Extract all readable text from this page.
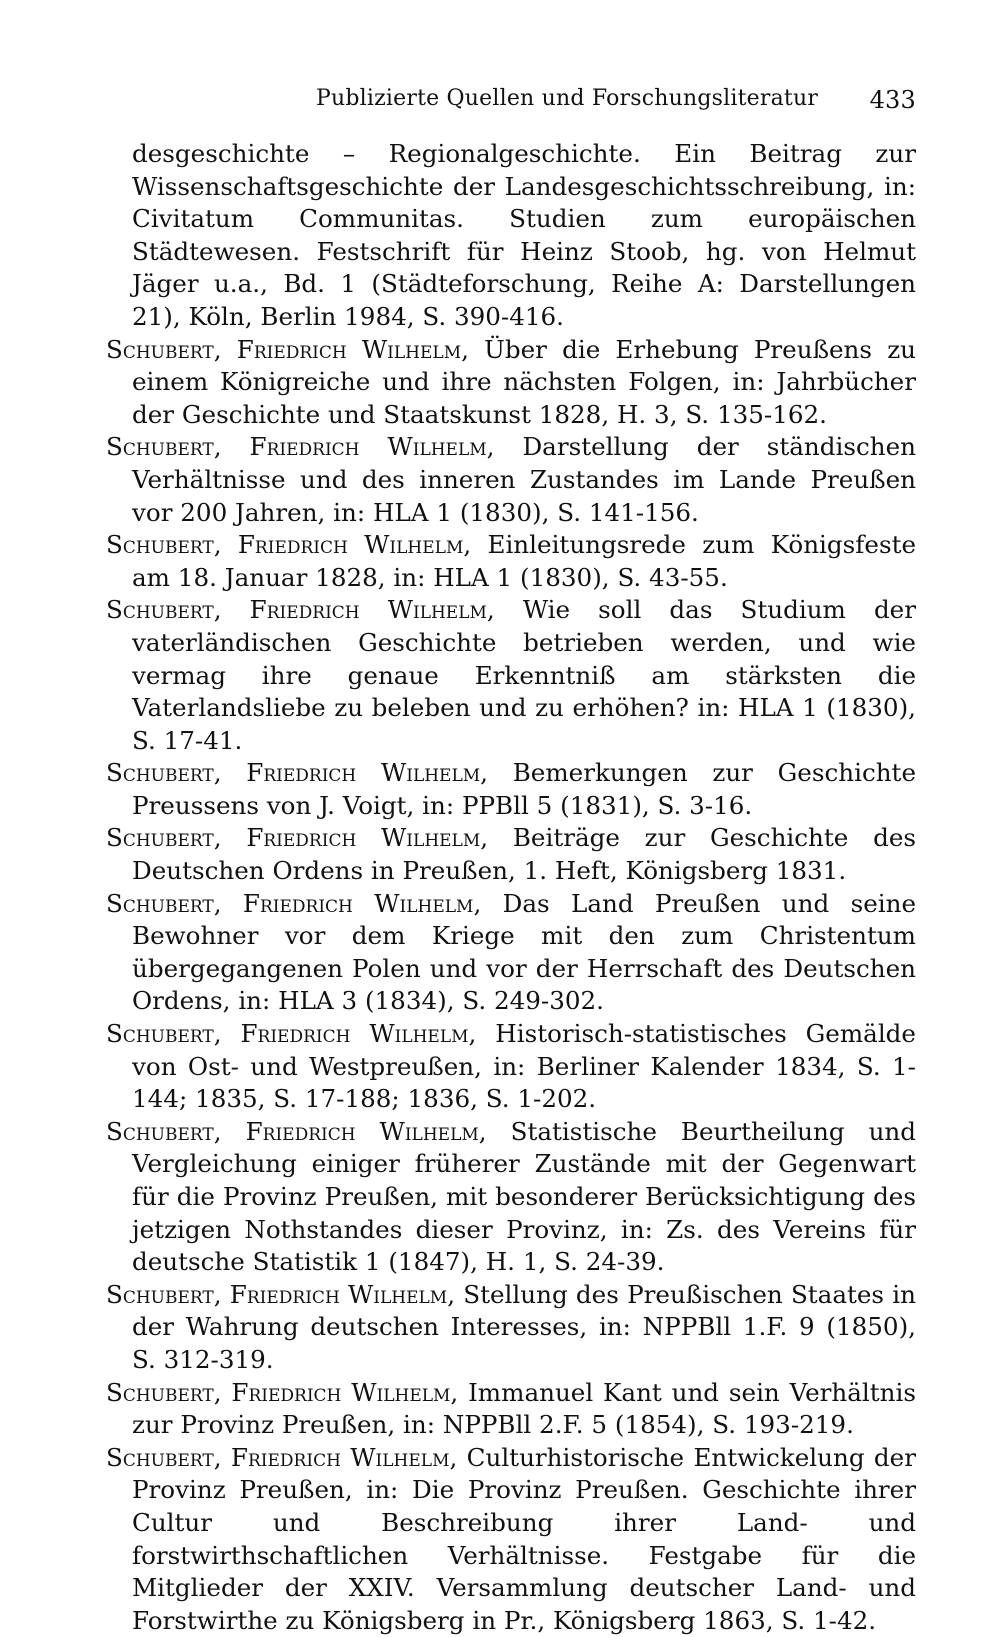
Publizierte Quellen und Forschungsliteratur 433

desgeschichte – Regionalgeschichte. Ein Beitrag zur Wissenschaftsgeschichte der Landesgeschichtsschreibung, in: Civitatum Communitas. Studien zum europäischen Städtewesen. Festschrift für Heinz Stoob, hg. von Helmut Jäger u.a., Bd. 1 (Städteforschung, Reihe A: Darstellungen 21), Köln, Berlin 1984, S. 390-416.

Schubert, Friedrich Wilhelm, Über die Erhebung Preußens zu einem Königreiche und ihre nächsten Folgen, in: Jahrbücher der Geschichte und Staatskunst 1828, H. 3, S. 135-162.

Schubert, Friedrich Wilhelm, Darstellung der ständischen Verhältnisse und des inneren Zustandes im Lande Preußen vor 200 Jahren, in: HLA 1 (1830), S. 141-156.

Schubert, Friedrich Wilhelm, Einleitungsrede zum Königsfeste am 18. Januar 1828, in: HLA 1 (1830), S. 43-55.

Schubert, Friedrich Wilhelm, Wie soll das Studium der vaterländischen Geschichte betrieben werden, und wie vermag ihre genaue Erkenntniß am stärksten die Vaterlandsliebe zu beleben und zu erhöhen? in: HLA 1 (1830), S. 17-41.

Schubert, Friedrich Wilhelm, Bemerkungen zur Geschichte Preussens von J. Voigt, in: PPBll 5 (1831), S. 3-16.

Schubert, Friedrich Wilhelm, Beiträge zur Geschichte des Deutschen Ordens in Preußen, 1. Heft, Königsberg 1831.

Schubert, Friedrich Wilhelm, Das Land Preußen und seine Bewohner vor dem Kriege mit den zum Christentum übergegangenen Polen und vor der Herrschaft des Deutschen Ordens, in: HLA 3 (1834), S. 249-302.

Schubert, Friedrich Wilhelm, Historisch-statistisches Gemälde von Ost- und Westpreußen, in: Berliner Kalender 1834, S. 1-144; 1835, S. 17-188; 1836, S. 1-202.

Schubert, Friedrich Wilhelm, Statistische Beurtheilung und Vergleichung einiger früherer Zustände mit der Gegenwart für die Provinz Preußen, mit besonderer Berücksichtigung des jetzigen Nothstandes dieser Provinz, in: Zs. des Vereins für deutsche Statistik 1 (1847), H. 1, S. 24-39.

Schubert, Friedrich Wilhelm, Stellung des Preußischen Staates in der Wahrung deutschen Interesses, in: NPPBll 1.F. 9 (1850), S. 312-319.

Schubert, Friedrich Wilhelm, Immanuel Kant und sein Verhältnis zur Provinz Preußen, in: NPPBll 2.F. 5 (1854), S. 193-219.

Schubert, Friedrich Wilhelm, Culturhistorische Entwickelung der Provinz Preußen, in: Die Provinz Preußen. Geschichte ihrer Cultur und Beschreibung ihrer Land- und forstwirthschaftlichen Verhältnisse. Festgabe für die Mitglieder der XXIV. Versammlung deutscher Land- und Forstwirthe zu Königsberg in Pr., Königsberg 1863, S. 1-42.
